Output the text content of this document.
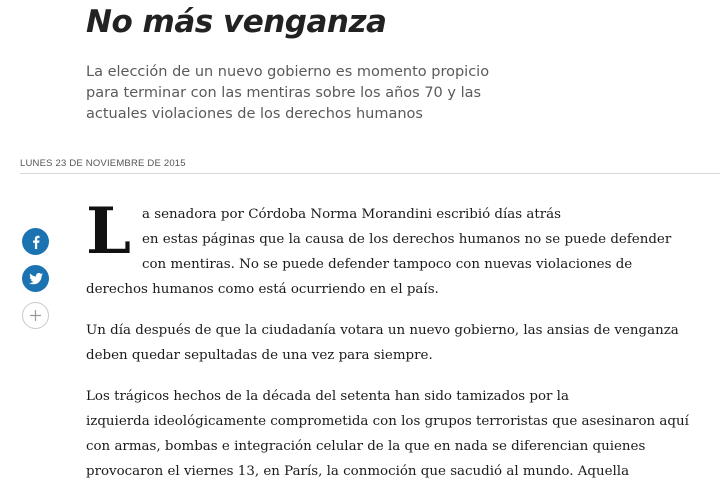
No más venganza
La elección de un nuevo gobierno es momento propicio
para terminar con las mentiras sobre los años 70 y las
actuales violaciones de los derechos humanos
LUNES 23 DE NOVIEMBRE DE 2015

L a senadora por Córdoba Norma Morandini escribió días atrás
en estas páginas que la causa de los derechos humanos no se puede defender
con mentiras. No se puede defender tampoco con nuevas violaciones de
derechos humanos como está ocurriendo en el país.

Un día después de que la ciudadanía votara un nuevo gobierno, las ansias de venganza
deben quedar sepultadas de una vez para siempre.

Los trágicos hechos de la década del setenta han sido tamizados por la
izquierda ideológicamente comprometida con los grupos terroristas que asesinaron aquí
con armas, bombas e integración celular de la que en nada se diferencian quienes
provocaron el viernes 13, en París, la conmoción que sacudió al mundo. Aquella
